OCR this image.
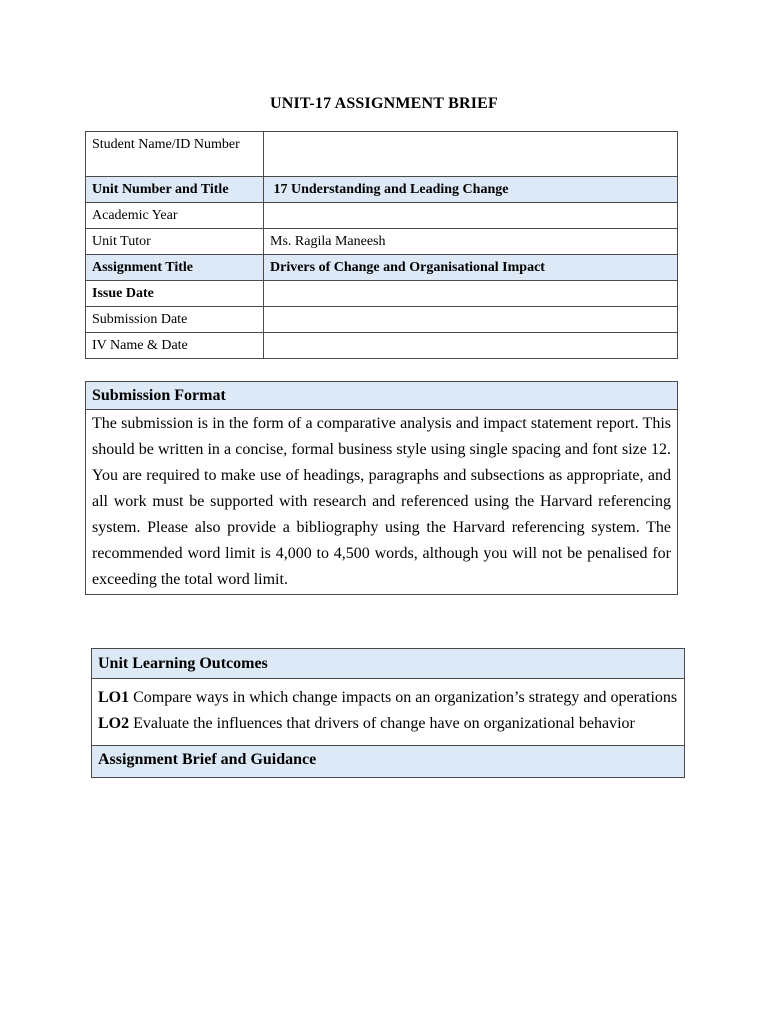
UNIT-17 ASSIGNMENT BRIEF
Student Name/ID Number	
Unit Number and Title	17 Understanding and Leading Change
Academic Year	
Unit Tutor	Ms. Ragila Maneesh
Assignment Title	Drivers of Change and Organisational Impact
Issue Date	
Submission Date	
IV Name & Date	
Submission Format
The submission is in the form of a comparative analysis and impact statement report. This should be written in a concise, formal business style using single spacing and font size 12. You are required to make use of headings, paragraphs and subsections as appropriate, and all work must be supported with research and referenced using the Harvard referencing system. Please also provide a bibliography using the Harvard referencing system. The recommended word limit is 4,000 to 4,500 words, although you will not be penalised for exceeding the total word limit.
Unit Learning Outcomes

LO1 Compare ways in which change impacts on an organization’s strategy and operations
LO2 Evaluate the influences that drivers of change have on organizational behavior

Assignment Brief and Guidance
